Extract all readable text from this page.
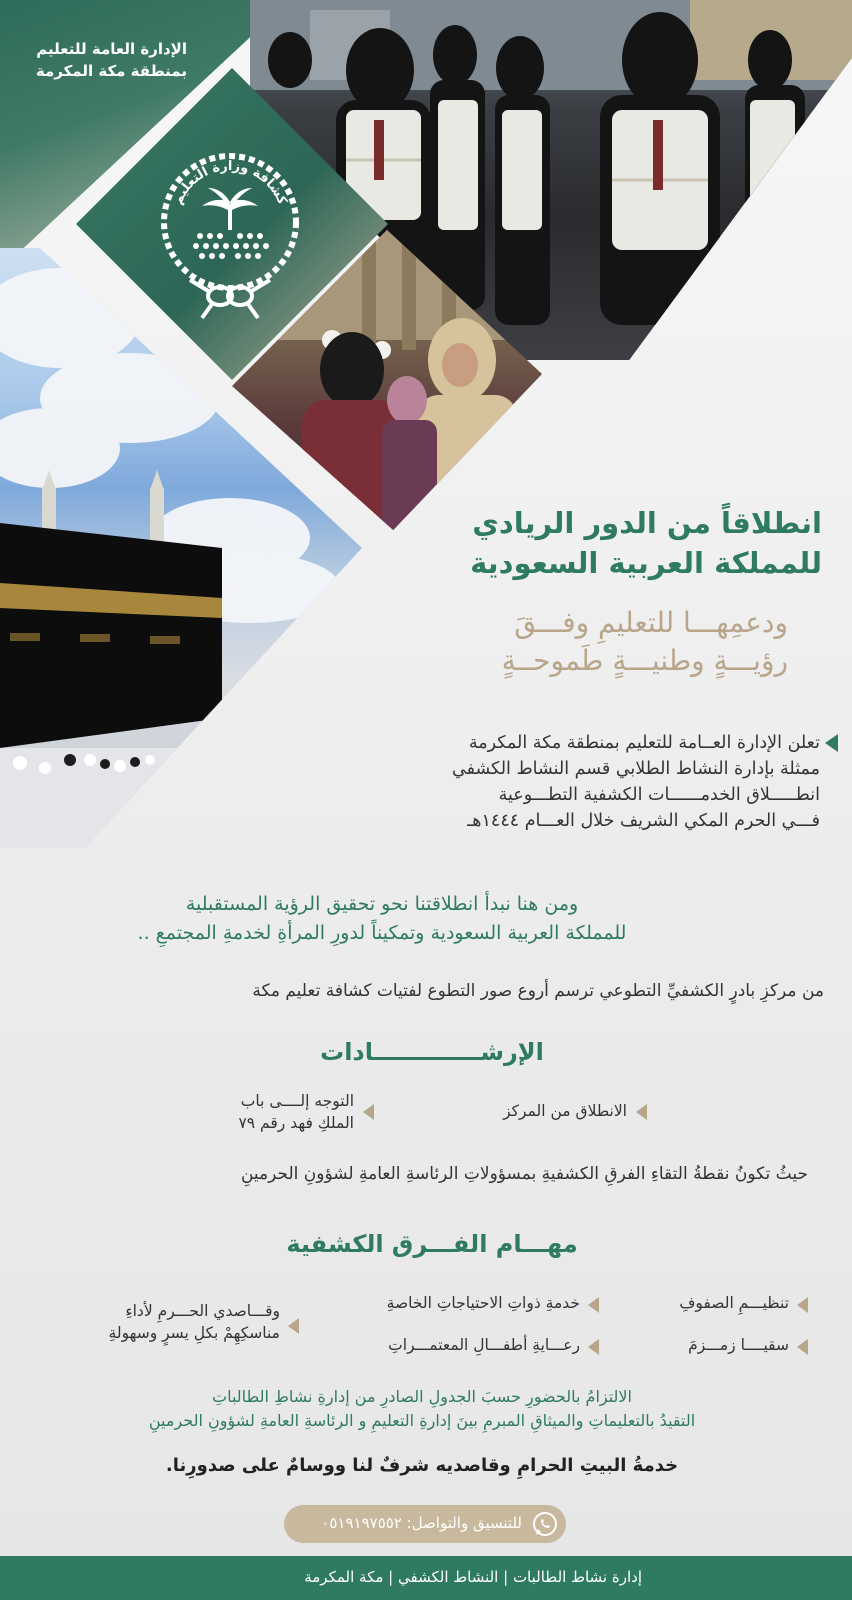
الإدارة العامة للتعليم
بمنطقة مكة المكرمة
كشافة وزارة التعليم
انطلاقاً من الدور الريادي
للمملكة العربية السعودية
ودعمِهـــا للتعليمِ وفـــقَ
رؤيـــةٍ وطنيـــةٍ طَموحــةٍ
تعلن الإدارة العــامة للتعليم بمنطقة مكة المكرمة
ممثلة بإدارة النشاط الطلابي قسم النشاط الكشفي
انطـــــلاق الخدمــــــات الكشفية التطـــوعية
فـــي الحرم المكي الشريف خلال العـــام ١٤٤٤هـ
ومن هنا نبدأ انطلاقتنا نحو تحقيق الرؤية المستقبلية
للمملكة العربية السعودية وتمكيناً لدورِ المرأةِ لخدمةِ المجتمعِ ..
من مركزِ بادرٍ الكشفيِّ التطوعي ترسم أروع صور التطوع لفتيات كشافة تعليم مكة
الإرشـــــــــــــادات
الانطلاق من المركز
التوجه إلــــى باب
الملكِ فهد رقم ٧٩
حيثُ تكونُ نقطةُ التقاءِ الفرقِ الكشفيةِ بمسؤولاتِ الرئاسةِ العامةِ لشؤونِ الحرمينِ
مهـــام الفـــرق الكشفية
تنظيـــمِ الصفوفِ
خدمةِ ذواتِ الاحتياجاتِ الخاصةِ
وقـــاصدي الحـــرمِ لأداءِ
مناسكِهِمْ بكلِ يسرٍ وسهولةِ
سقيــــا زمـــزمَ
رعـــايةِ أطفـــالِ المعتمـــراتِ
الالتزامُ بالحضورِ حسبَ الجدولِ الصادرِ من إدارةِ نشاطِ الطالباتِ
التقيدُ بالتعليماتِ والميثاقِ المبرمِ بينَ إدارةِ التعليمِ و الرئاسةِ العامةِ لشؤونِ الحرمينِ
خدمةُ البيتِ الحرامِ وقاصديه شرفٌ لنا ووسامٌ على صدورِنا.
للتنسيق والتواصل: ٠٥١٩١٩٧٥٥٢
إدارة نشاط الطالبات | النشاط الكشفي | مكة المكرمة
